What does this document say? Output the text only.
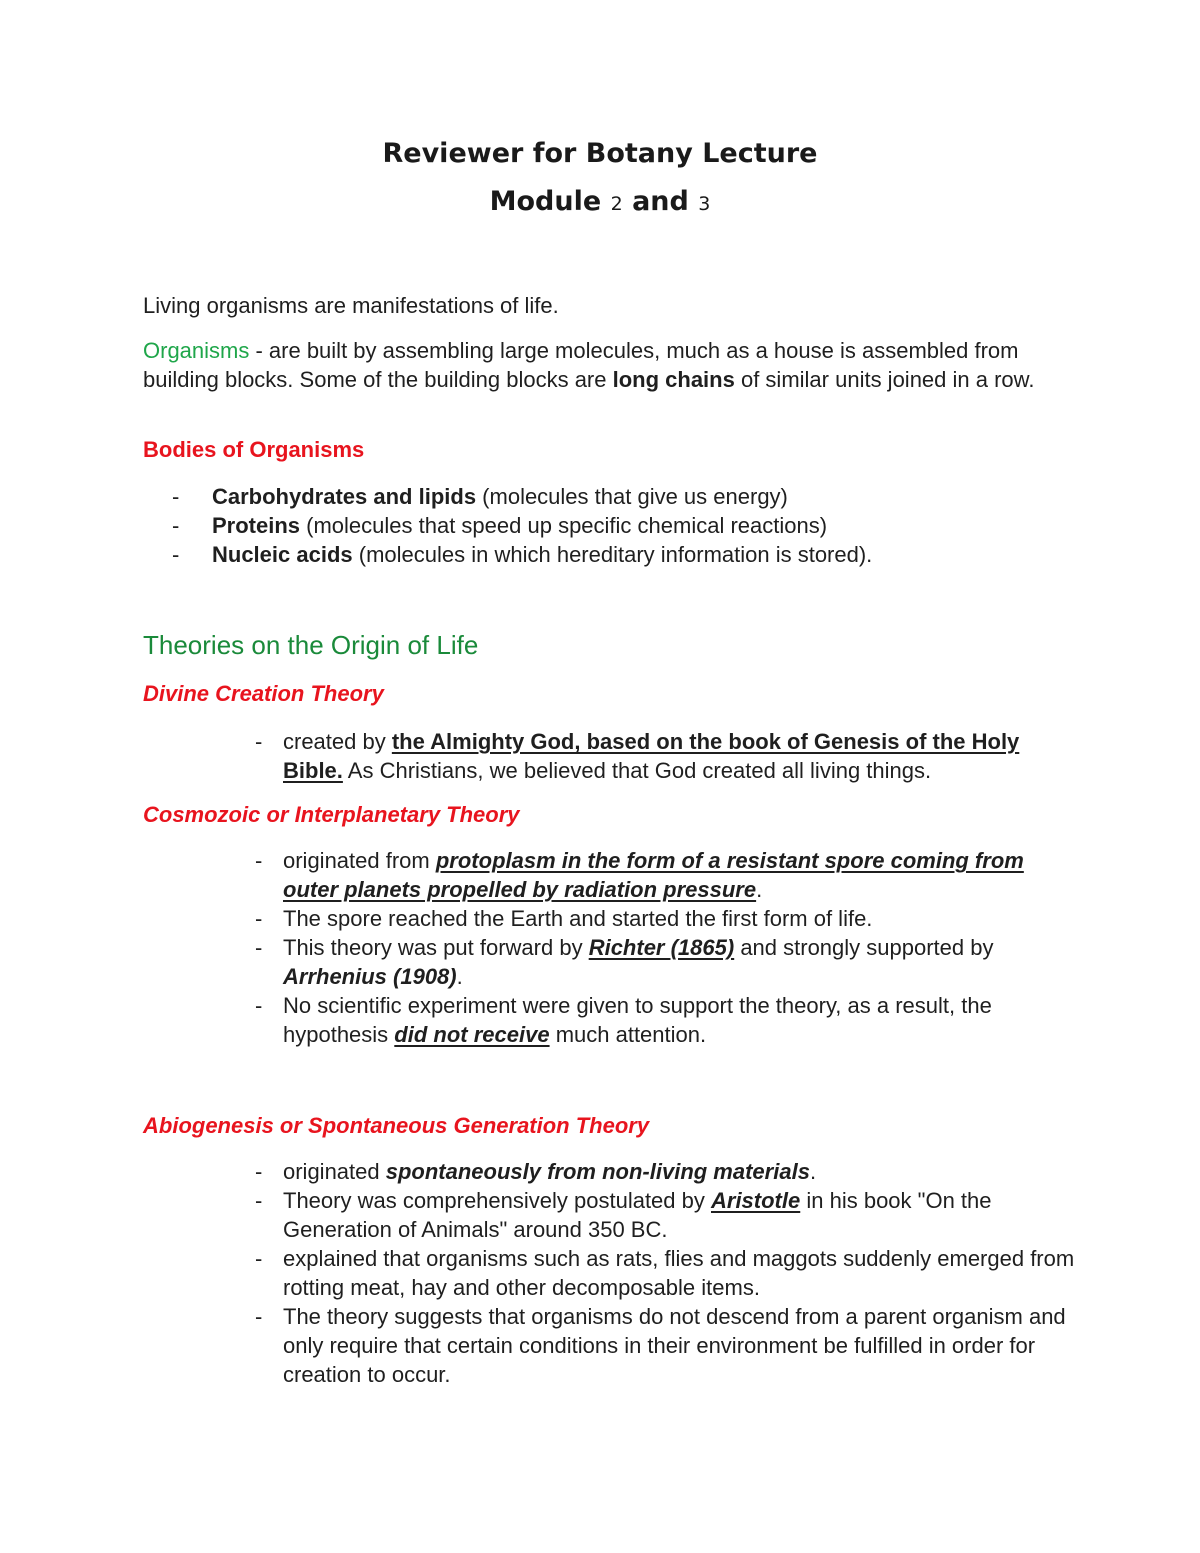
Reviewer for Botany Lecture
Module 2 and 3
Living organisms are manifestations of life.
Organisms - are built by assembling large molecules, much as a house is assembled from building blocks. Some of the building blocks are long chains of similar units joined in a row.
Bodies of Organisms
- Carbohydrates and lipids (molecules that give us energy)
- Proteins (molecules that speed up specific chemical reactions)
- Nucleic acids (molecules in which hereditary information is stored).
Theories on the Origin of Life
Divine Creation Theory
- created by the Almighty God, based on the book of Genesis of the Holy Bible. As Christians, we believed that God created all living things.
Cosmozoic or Interplanetary Theory
- originated from protoplasm in the form of a resistant spore coming from outer planets propelled by radiation pressure.
- The spore reached the Earth and started the first form of life.
- This theory was put forward by Richter (1865) and strongly supported by Arrhenius (1908).
- No scientific experiment were given to support the theory, as a result, the hypothesis did not receive much attention.
Abiogenesis or Spontaneous Generation Theory
- originated spontaneously from non-living materials.
- Theory was comprehensively postulated by Aristotle in his book "On the Generation of Animals" around 350 BC.
- explained that organisms such as rats, flies and maggots suddenly emerged from rotting meat, hay and other decomposable items.
- The theory suggests that organisms do not descend from a parent organism and only require that certain conditions in their environment be fulfilled in order for creation to occur.
